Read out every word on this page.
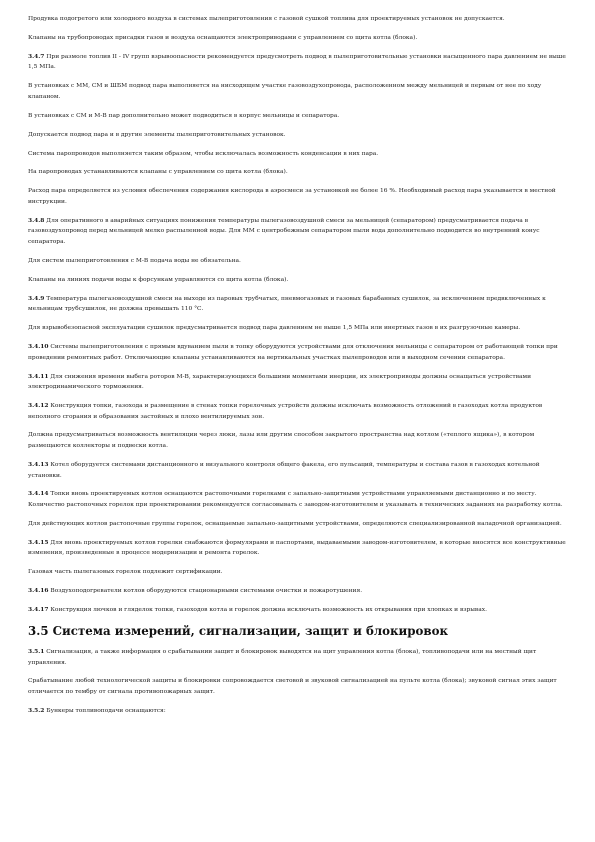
Продувка подогретого или холодного воздуха в системах пылеприготовления с газовой сушкой топлива для проектируемых установок не допускается.

Клапаны на трубопроводах присадки газов и воздуха оснащаются электроприводами с управлением со щита котла (блока).

3.4.7 При размоле топлив II - IV групп взрывоопасности рекомендуется предусмотреть подвод в пылеприготовительные установки насыщенного пара давлением не выше 1,5 МПа.

В установках с ММ, СМ и ШБМ подвод пара выполняется на нисходящем участке газовоздухопровода, расположенном между мельницей и первым от нее по ходу клапаном.

В установках с СМ и М-В пар дополнительно может подводиться в корпус мельницы и сепаратора.

Допускается подвод пара и в другие элементы пылеприготовительных установок.

Система паропроводов выполняется таким образом, чтобы исключалась возможность конденсации в них пара.

На паропроводах устанавливаются клапаны с управлением со щита котла (блока).

Расход пара определяется из условия обеспечения содержания кислорода в аэросмеси за установкой не более 16 %. Необходимый расход пара указывается в местной инструкции.

3.4.8 Для оперативного в аварийных ситуациях понижения температуры пылегазовоздушной смеси за мельницей (сепаратором) предусматривается подача в газовоздухопровод перед мельницей мелко распыленной воды. Для ММ с центробежным сепаратором пыли вода дополнительно подводится во внутренний конус сепаратора.

Для систем пылеприготовления с М-В подача воды не обязательна.

Клапаны на линиях подачи воды к форсункам управляются со щита котла (блока).

3.4.9 Температура пылегазовоздушной смеси на выходе из паровых трубчатых, пневмогазовых и газовых барабанных сушилок, за исключением предвключенных к мельницам трубсушилок, не должна превышать 110 °С.

Для взрывобезопасной эксплуатации сушилок предусматривается подвод пара давлением не выше 1,5 МПа или инертных газов в их разгрузочные камеры.

3.4.10 Системы пылеприготовления с прямым вдуванием пыли в топку оборудуются устройствами для отключения мельницы с сепаратором от работающей топки при проведении ремонтных работ. Отключающие клапаны устанавливаются на вертикальных участках пылепроводов или в выходном сечении сепаратора.

3.4.11 Для снижения времени выбега роторов М-В, характеризующихся большими моментами инерции, их электроприводы должны оснащаться устройствами электродинамического торможения.

3.4.12 Конструкция топки, газохода и размещение в стенах топки горелочных устройств должны исключать возможность отложений в газоходах котла продуктов неполного сгорания и образования застойных и плохо вентилируемых зон.

Должна предусматриваться возможность вентиляции через люки, лазы или другим способом закрытого пространства над котлом («теплого ящика»), в котором размещаются коллекторы и подвески котла.

3.4.13 Котел оборудуется системами дистанционного и визуального контроля общего факела, его пульсаций, температуры и состава газов в газоходах котельной установки.

3.4.14 Топки вновь проектируемых котлов оснащаются растопочными горелками с запально-защитными устройствами управляемыми дистанционно и по месту. Количество растопочных горелок при проектировании рекомендуется согласовывать с заводом-изготовителем и указывать в технических заданиях на разработку котла.

Для действующих котлов растопочные группы горелок, оснащаемые запально-защитными устройствами, определяются специализированной наладочной организацией.

3.4.15 Для вновь проектируемых котлов горелки снабжаются формулярами и паспортами, выдаваемыми заводом-изготовителем, в которые вносятся все конструктивные изменения, произведенные в процессе модернизации и ремонта горелок.

Газовая часть пылегазовых горелок подлежит сертификации.

3.4.16 Воздухоподогреватели котлов оборудуются стационарными системами очистки и пожаротушения.

3.4.17 Конструкция лючков и гляделок топки, газоходов котла и горелок должна исключать возможность их открывания при хлопках и взрывах.

3.5 Система измерений, сигнализации, защит и блокировок

3.5.1 Сигнализация, а также информация о срабатывании защит и блокировок выводятся на щит управления котла (блока), топливоподачи или на местный щит управления.

Срабатывание любой технологической защиты и блокировки сопровождается световой и звуковой сигнализацией на пульте котла (блока); звуковой сигнал этих защит отличается по тембру от сигнала противопожарных защит.

3.5.2 Бункеры топливоподачи оснащаются:
